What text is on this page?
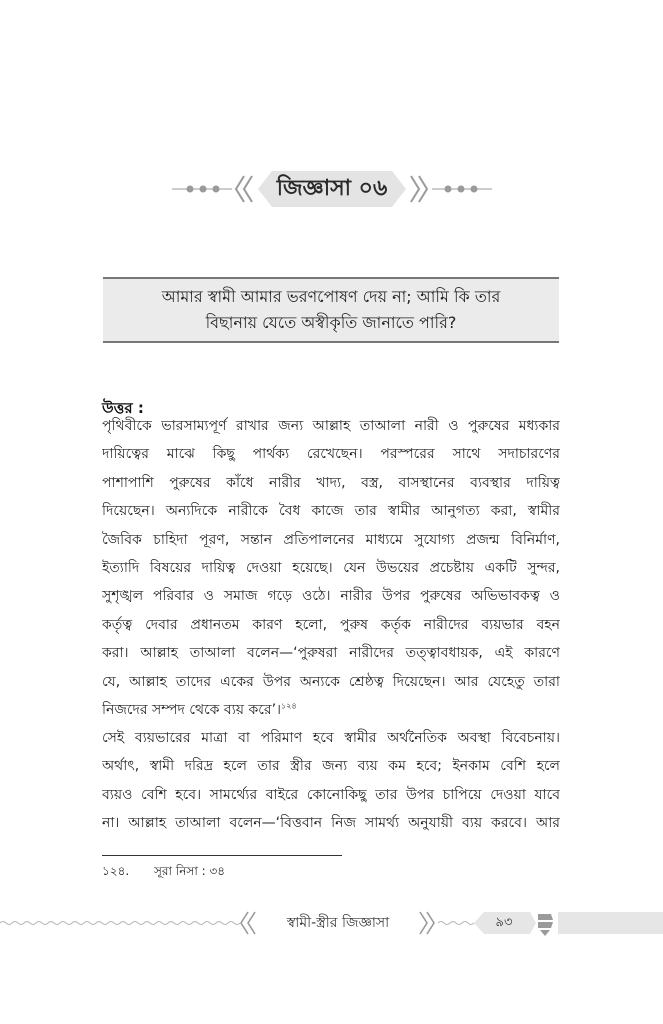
জিজ্ঞাসা ০৬
আমার স্বামী আমার ভরণপোষণ দেয় না; আমি কি তার
বিছানায় যেতে অস্বীকৃতি জানাতে পারি?
উত্তর :
পৃথিবীকে ভারসাম্যপূর্ণ রাখার জন্য আল্লাহ তাআলা নারী ও পুরুষের মধ্যকার
দায়িত্বের মাঝে কিছু পার্থক্য রেখেছেন। পরস্পরের সাথে সদাচারণের
পাশাপাশি পুরুষের কাঁধে নারীর খাদ্য, বস্ত্র, বাসস্থানের ব্যবস্থার দায়িত্ব
দিয়েছেন। অন্যদিকে নারীকে বৈধ কাজে তার স্বামীর আনুগত্য করা, স্বামীর
জৈবিক চাহিদা পূরণ, সন্তান প্রতিপালনের মাধ্যমে সুযোগ্য প্রজন্ম বিনির্মাণ,
ইত্যাদি বিষয়ের দায়িত্ব দেওয়া হয়েছে। যেন উভয়ের প্রচেষ্টায় একটি সুন্দর,
সুশৃঙ্খল পরিবার ও সমাজ গড়ে ওঠে। নারীর উপর পুরুষের অভিভাবকত্ব ও
কর্তৃত্ব দেবার প্রধানতম কারণ হলো, পুরুষ কর্তৃক নারীদের ব্যয়ভার বহন
করা। আল্লাহ তাআলা বলেন—‘পুরুষরা নারীদের তত্ত্বাবধায়ক, এই কারণে
যে, আল্লাহ তাদের একের উপর অন্যকে শ্রেষ্ঠত্ব দিয়েছেন। আর যেহেতু তারা
নিজদের সম্পদ থেকে ব্যয় করে’।$^{১২৪}$
সেই ব্যয়ভারের মাত্রা বা পরিমাণ হবে স্বামীর অর্থনৈতিক অবস্থা বিবেচনায়।
অর্থাৎ, স্বামী দরিদ্র হলে তার স্ত্রীর জন্য ব্যয় কম হবে; ইনকাম বেশি হলে
ব্যয়ও বেশি হবে। সামর্থ্যের বাইরে কোনোকিছু তার উপর চাপিয়ে দেওয়া যাবে
না। আল্লাহ তাআলা বলেন—‘বিত্তবান নিজ সামর্থ্য অনুযায়ী ব্যয় করবে। আর
১২৪. সূরা নিসা : ৩৪
স্বামী-স্ত্রীর জিজ্ঞাসা	৯৩
